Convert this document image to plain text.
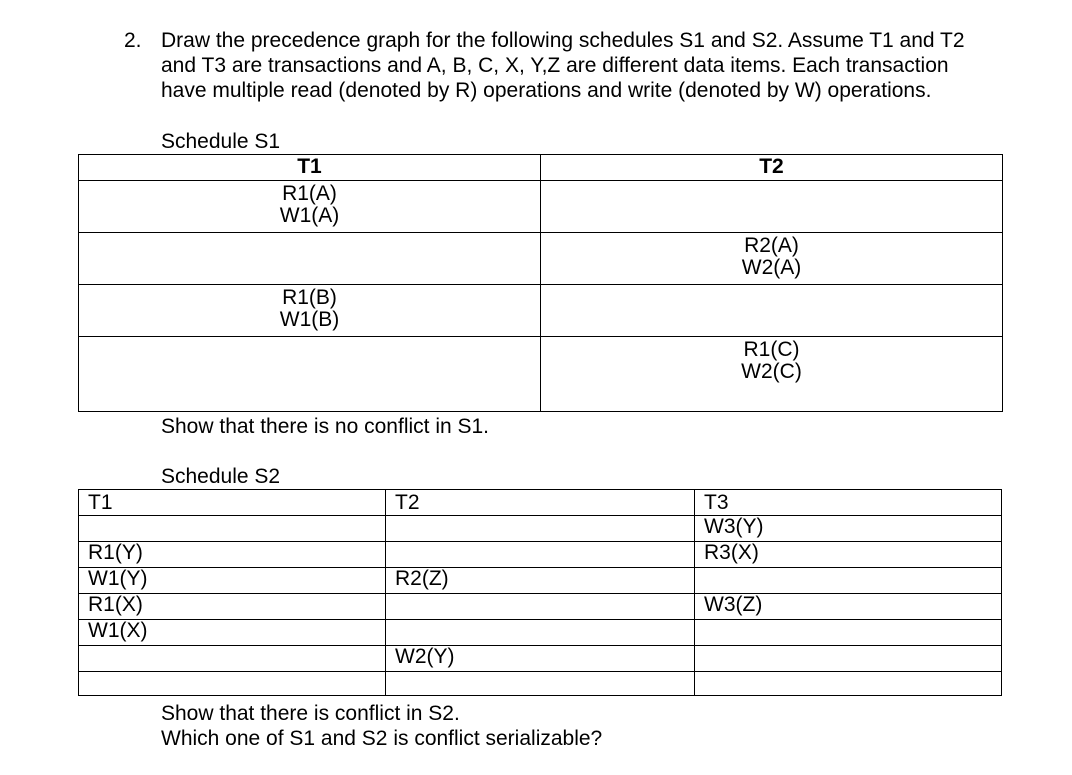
2. Draw the precedence graph for the following schedules S1 and S2. Assume T1 and T2
and T3 are transactions and A, B, C, X, Y,Z are different data items. Each transaction
have multiple read (denoted by R) operations and write (denoted by W) operations.
Schedule S1
T1	T2

R1(A)
W1(A)	

	R2(A)
W2(A)

R1(B)
W1(B)	

	R1(C)
W2(C)
Show that there is no conflict in S1.
Schedule S2
T1	T2	T3
		W3(Y)
R1(Y)		R3(X)
W1(Y)	R2(Z)	
R1(X)		W3(Z)
W1(X)		
	W2(Y)	

Show that there is conflict in S2.
Which one of S1 and S2 is conflict serializable?
